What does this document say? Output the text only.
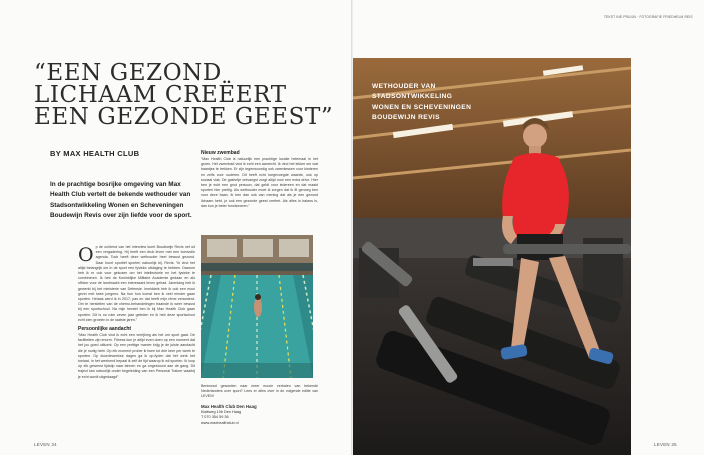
TEKST INE PRUIJN · FOTOGRAFIE FRIEDHELM REIS
“EEN GEZOND
LICHAAM CREËERT
EEN GEZONDE GEEST”
BY MAX HEALTH CLUB
In de prachtige bosrijke omgeving van Max Health Club vertelt de bekende wethouder van Stadsontwikkeling Wonen en Scheveningen Boudewijn Revis over zijn liefde voor de sport.
O p de ochtend van het interview komt Boudewijn Revis net uit een vergadering. Hij heeft een druk leven met een bomvolle agenda. Toch heeft deze wethouder heel bewust gezond. Daar hoort sportief sporten natuurlijk bij. Revis: “Ik vind het altijd belangrijk om in de sport een fysieke uitdaging te hebben. Daarom heb ik er ook voor gekozen om het intellectuele en het fysieke te combineren. Ik heb de Koninklijke Militaire Academie gedaan en als officier voor de landmacht een interessant leven gehad. Jarenlang heb ik gewerkt bij het ministerie van Defensie. Inmiddels heb ik ook een mooi gezin met twee jongens. Na hun hun komst ben ik veel minder gaan sporten. Helaas werd ik in 2017, pas en dat heeft mijn rême veranderd. Om te herstellen van de chemo-behandelingen traainde ik weer bewust bij een sportschool. Na mijn herstel ben ik bij Max Health Club gaan sporten. Dit is nu ruim zeven jaar geleden en ik heb deze sportschool echt zien groeien in de laatste jaren.”
Persoonlijke aandacht
“Max Health Club vind ik echt een verrijking als het om sport gaat. De faciliteiten zijn enorm. Fitness kun je altijd even doen op een moment dat het jou goed uitkomt. Op een prettige manier krijg je de juiste aandacht die je nodig hebt. Op elk moment prober ik twee tot drie keer per week te sporten. Op doordeweekse dagen ga ik op-fyden dat het werk het toelaat. In het weekend bepaal ik zelf de tijd waarop ik wil sporten. Ik loop op elk gewenst tijdstip naar binnen en ga ongestoord aan de gang. Dit traject kan natuurlijk onder begeleiding van een Personal Trainer waarbij je echt wordt uitgedaagd”
Nieuw zwembad
“Max Health Club is natuurlijk een prachtige locatie helemaal in het groen. Het zwembad vind ik echt een aanrecht. Ik vind het lekker om wat baantjes te trekken. Er zijn tegenwoordig ook zwemlessen voor kinderen en zelfs voor ouderen. Dit heeft echt toegevoegde waarde, ook op sociaal vlak. De gastvrije ontvangst zorgt altijd voor een extra drive. Hier ben je echt een gnut persoon, dat geldt voor iedereen en dat maakt sporten hier prettig. Als wethouder moet ik zorgen dat ik fit genoeg ben voor deze baan. Ik ben dan ook van mening dat als je een gezond lichaam hebt, je ook een gezonde geest creëert. Als alles in balans is, dan kun je beter functioneren.”
Benieuwd geworden naar meer mooie verhalen van bekende Nederlanders over sport? Lees er alles over in de volgende editie van LEVEN!
Max Health Club Den Haag
Klattweg 10b Den Haag
T 070 354 59 36
www.maxhealthclub.nl
LEVEN 34
WETHOUDER VAN
STADSONTWIKKELING
WONEN EN SCHEVENINGEN
BOUDEWIJN REVIS
LEVEN 35
